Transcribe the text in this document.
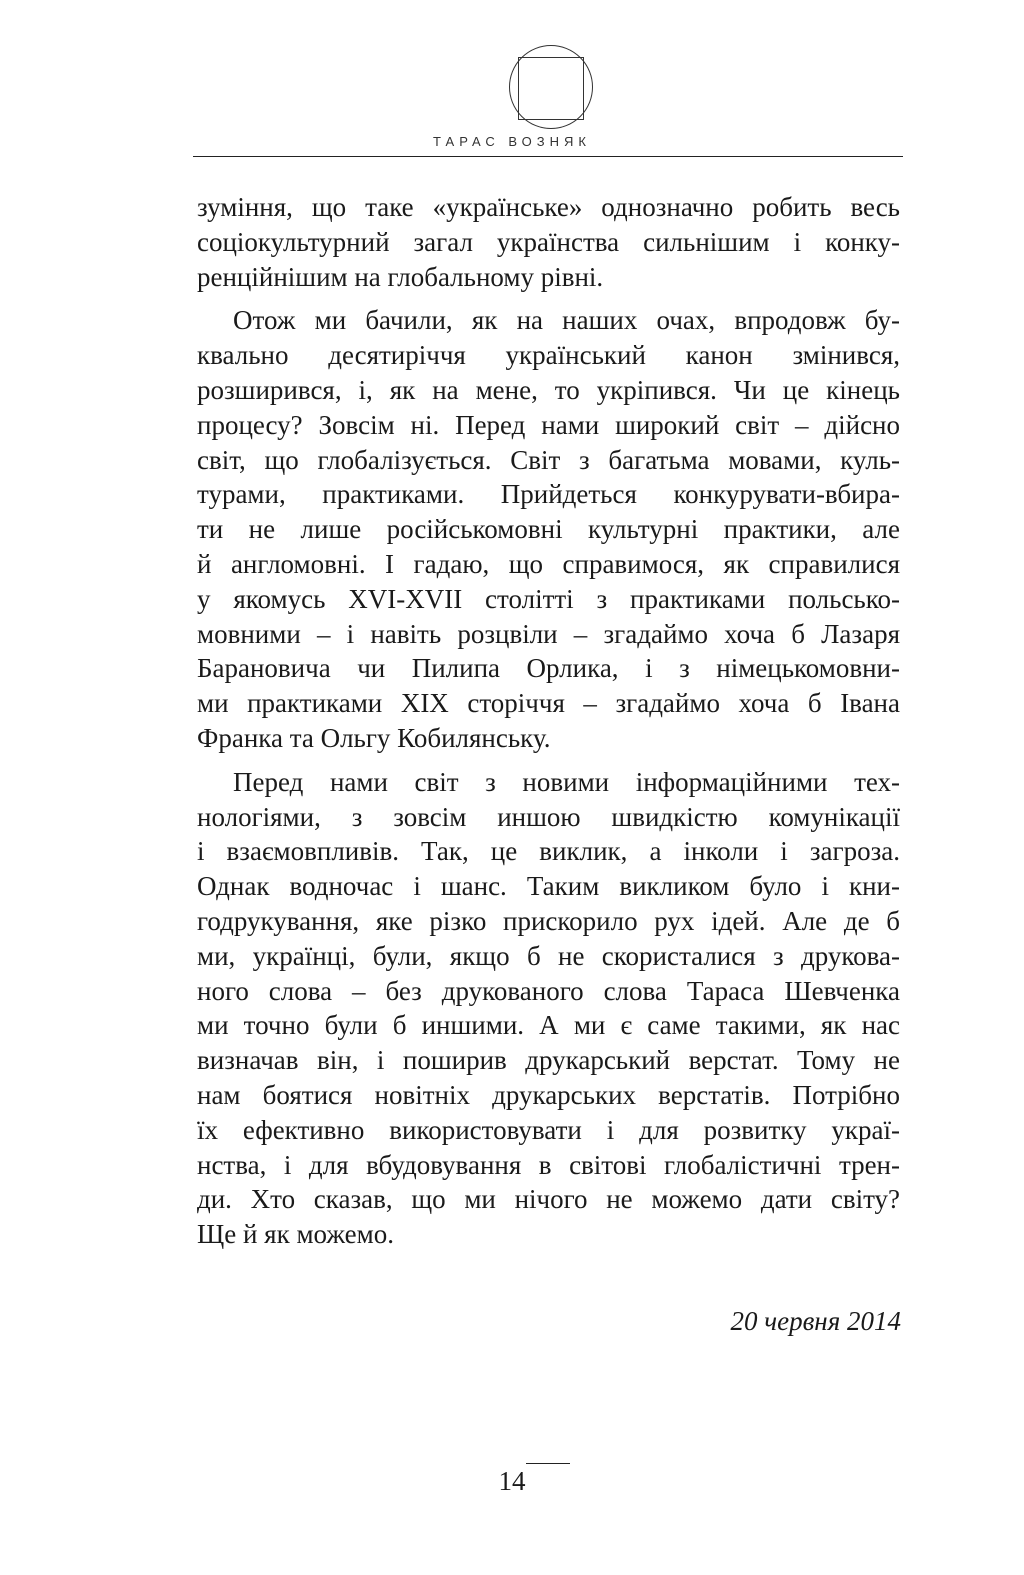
ТАРАС ВОЗНЯК
зуміння, що таке «українське» однозначно робить весь
соціокультурний загал українства сильнішим і конку-
ренційнішим на глобальному рівні.
Отож ми бачили, як на наших очах, впродовж бу-
квально десятиріччя український канон змінився,
розширився, і, як на мене, то укріпився. Чи це кінець
процесу? Зовсім ні. Перед нами широкий світ – дійсно
світ, що глобалізується. Світ з багатьма мовами, куль-
турами, практиками. Прийдеться конкурувати-вбира-
ти не лише російськомовні культурні практики, але
й англомовні. І гадаю, що справимося, як справилися
у якомусь XVI-XVII столітті з практиками польсько-
мовними – і навіть розцвіли – згадаймо хоча б Лазаря
Барановича чи Пилипа Орлика, і з німецькомовни-
ми практиками XIX сторіччя – згадаймо хоча б Івана
Франка та Ольгу Кобилянську.
Перед нами світ з новими інформаційними тех-
нологіями, з зовсім иншою швидкістю комунікації
і взаємовпливів. Так, це виклик, а інколи і загроза.
Однак водночас і шанс. Таким викликом було і кни-
годрукування, яке різко прискорило рух ідей. Але де б
ми, українці, були, якщо б не скористалися з друкова-
ного слова – без друкованого слова Тараса Шевченка
ми точно були б иншими. А ми є саме такими, як нас
визначав він, і поширив друкарський верстат. Тому не
нам боятися новітніх друкарських верстатів. Потрібно
їх ефективно використовувати і для розвитку украї-
нства, і для вбудовування в світові глобалістичні трен-
ди. Хто сказав, що ми нічого не можемо дати світу?
Ще й як можемо.
20 червня 2014
14
